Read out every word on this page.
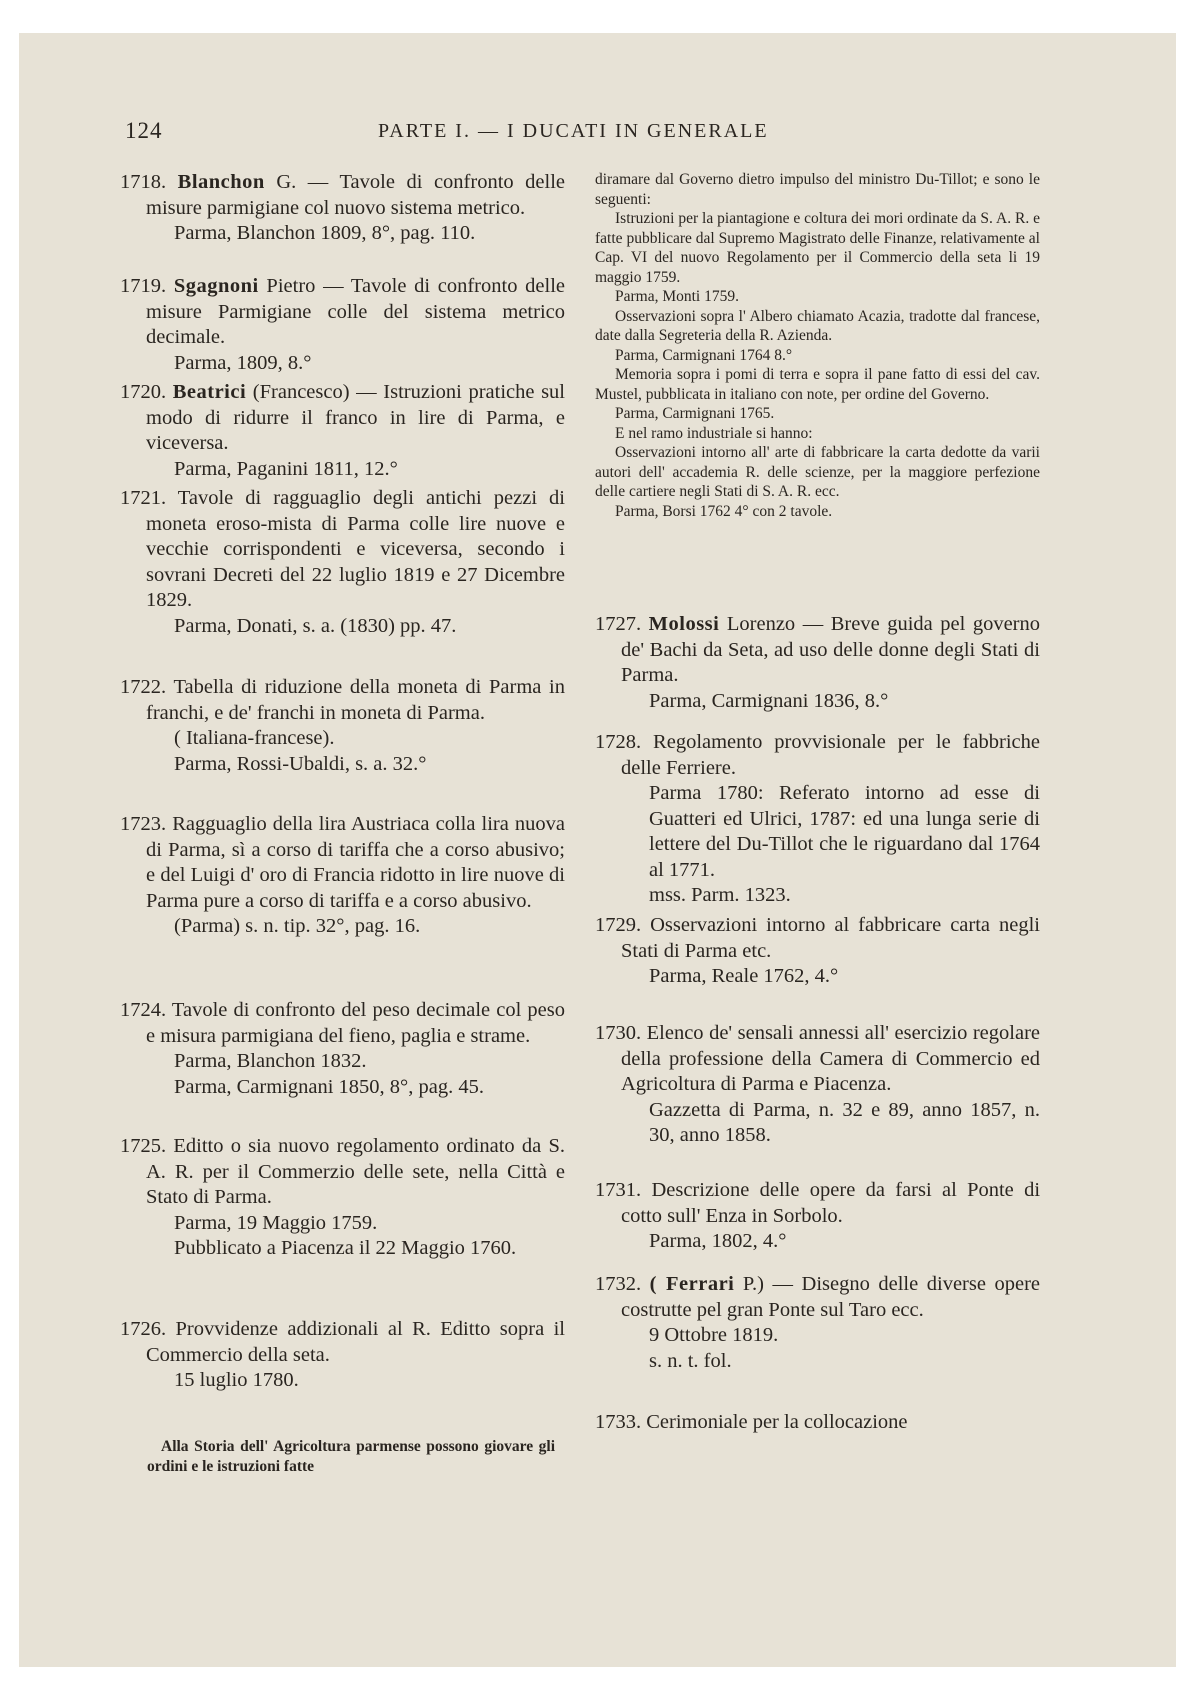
124	PARTE I. — I DUCATI IN GENERALE
1718. Blanchon G. — Tavole di confronto delle misure parmigiane col nuovo sistema metrico.
Parma, Blanchon 1809, 8°, pag. 110.
1719. Sgagnoni Pietro — Tavole di confronto delle misure Parmigiane colle del sistema metrico decimale.
Parma, 1809, 8.°
1720. Beatrici (Francesco) — Istruzioni pratiche sul modo di ridurre il franco in lire di Parma, e viceversa.
Parma, Paganini 1811, 12.°
1721. Tavole di ragguaglio degli antichi pezzi di moneta eroso-mista di Parma colle lire nuove e vecchie corrispondenti e viceversa, secondo i sovrani Decreti del 22 luglio 1819 e 27 Dicembre 1829.
Parma, Donati, s. a. (1830) pp. 47.
1722. Tabella di riduzione della moneta di Parma in franchi, e de' franchi in moneta di Parma.
( Italiana-francese).
Parma, Rossi-Ubaldi, s. a. 32.°
1723. Ragguaglio della lira Austriaca colla lira nuova di Parma, sì a corso di tariffa che a corso abusivo; e del Luigi d' oro di Francia ridotto in lire nuove di Parma pure a corso di tariffa e a corso abusivo.
(Parma) s. n. tip. 32°, pag. 16.
1724. Tavole di confronto del peso decimale col peso e misura parmigiana del fieno, paglia e strame.
Parma, Blanchon 1832.
Parma, Carmignani 1850, 8°, pag. 45.
1725. Editto o sia nuovo regolamento ordinato da S. A. R. per il Commerzio delle sete, nella Città e Stato di Parma.
Parma, 19 Maggio 1759.
Pubblicato a Piacenza il 22 Maggio 1760.
1726. Provvidenze addizionali al R. Editto sopra il Commercio della seta.
15 luglio 1780.
Alla Storia dell' Agricoltura parmense possono giovare gli ordini e le istruzioni fatte

diramare dal Governo dietro impulso del ministro Du-Tillot; e sono le seguenti:

Istruzioni per la piantagione e coltura dei mori ordinate da S. A. R. e fatte pubblicare dal Supremo Magistrato delle Finanze, relativamente al Cap. VI del nuovo Regolamento per il Commercio della seta li 19 maggio 1759.

Parma, Monti 1759.

Osservazioni sopra l' Albero chiamato Acazia, tradotte dal francese, date dalla Segreteria della R. Azienda.

Parma, Carmignani 1764 8.°

Memoria sopra i pomi di terra e sopra il pane fatto di essi del cav. Mustel, pubblicata in italiano con note, per ordine del Governo.

Parma, Carmignani 1765.

E nel ramo industriale si hanno:

Osservazioni intorno all' arte di fabbricare la carta dedotte da varii autori dell' accademia R. delle scienze, per la maggiore perfezione delle cartiere negli Stati di S. A. R. ecc.

Parma, Borsi 1762 4° con 2 tavole.

1727. Molossi Lorenzo — Breve guida pel governo de' Bachi da Seta, ad uso delle donne degli Stati di Parma.
Parma, Carmignani 1836, 8.°
1728. Regolamento provvisionale per le fabbriche delle Ferriere.
Parma 1780: Referato intorno ad esse di Guatteri ed Ulrici, 1787: ed una lunga serie di lettere del Du-Tillot che le riguardano dal 1764 al 1771.
mss. Parm. 1323.
1729. Osservazioni intorno al fabbricare carta negli Stati di Parma etc.
Parma, Reale 1762, 4.°
1730. Elenco de' sensali annessi all' esercizio regolare della professione della Camera di Commercio ed Agricoltura di Parma e Piacenza.
Gazzetta di Parma, n. 32 e 89, anno 1857, n. 30, anno 1858.
1731. Descrizione delle opere da farsi al Ponte di cotto sull' Enza in Sorbolo.
Parma, 1802, 4.°
1732. ( Ferrari P.) — Disegno delle diverse opere costrutte pel gran Ponte sul Taro ecc.
9 Ottobre 1819.
s. n. t. fol.
1733. Cerimoniale per la collocazione
